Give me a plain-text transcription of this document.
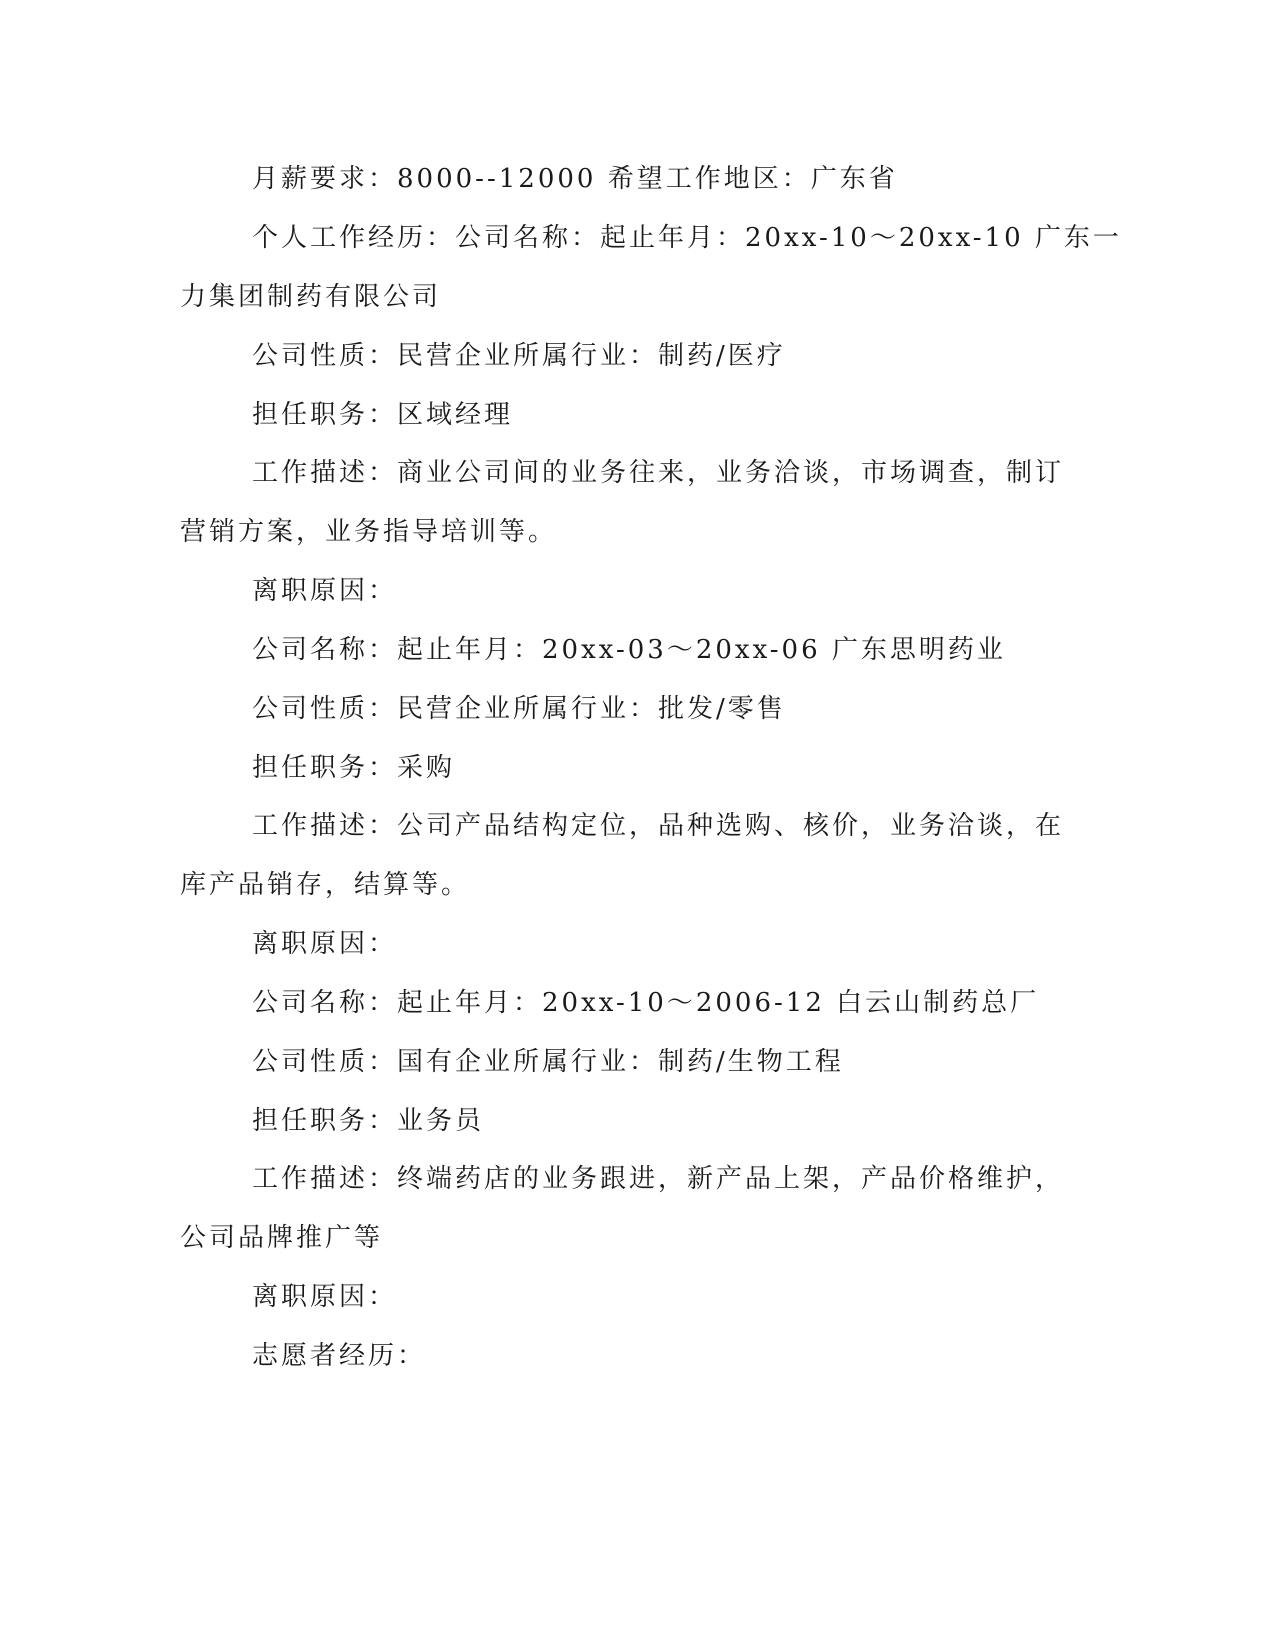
月薪要求：8000--12000 希望工作地区：广东省

个人工作经历：公司名称：起止年月：20xx-10～20xx-10 广东一

力集团制药有限公司

公司性质：民营企业所属行业：制药/医疗

担任职务：区域经理

工作描述：商业公司间的业务往来，业务洽谈，市场调查，制订

营销方案，业务指导培训等。

离职原因：

公司名称：起止年月：20xx-03～20xx-06 广东思明药业

公司性质：民营企业所属行业：批发/零售

担任职务：采购

工作描述：公司产品结构定位，品种选购、核价，业务洽谈，在

库产品销存，结算等。

离职原因：

公司名称：起止年月：20xx-10～2006-12 白云山制药总厂

公司性质：国有企业所属行业：制药/生物工程

担任职务：业务员

工作描述：终端药店的业务跟进，新产品上架，产品价格维护，

公司品牌推广等

离职原因：

志愿者经历：
